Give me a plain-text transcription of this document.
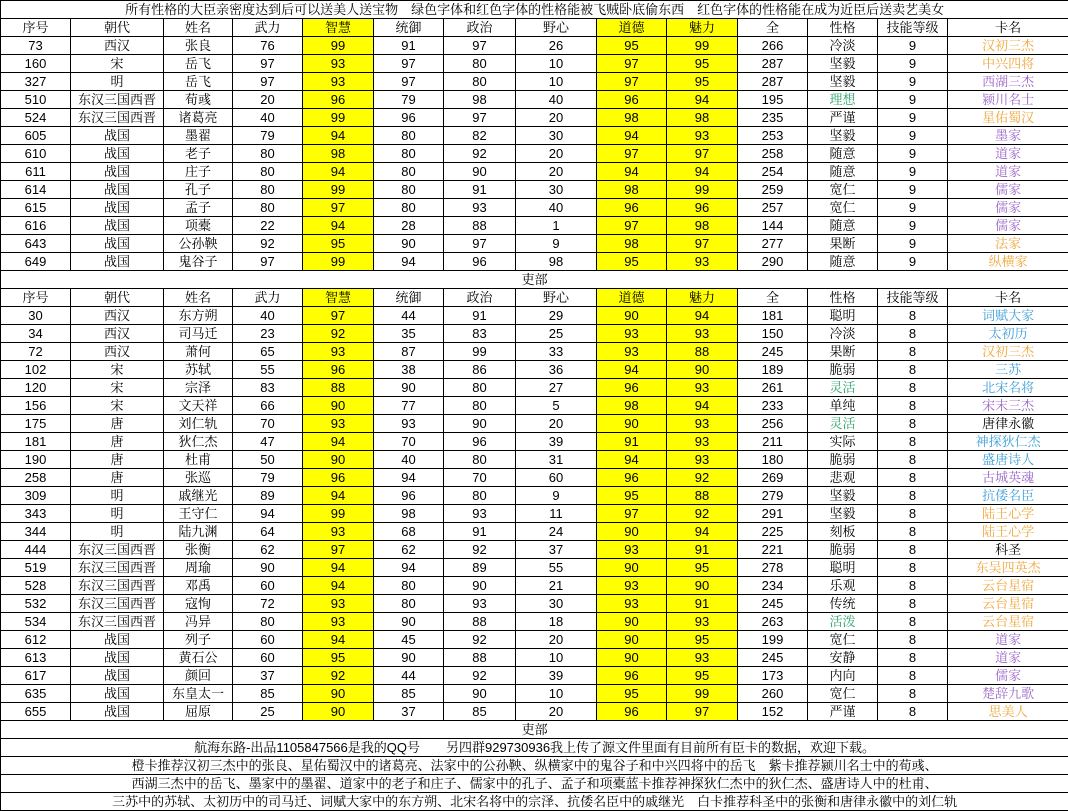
所有性格的大臣亲密度达到后可以送美人送宝物　绿色字体和红色字体的性格能被飞贼卧底偷东西　红色字体的性格能在成为近臣后送卖艺美女													
序号	朝代	姓名	武力	智慧	统御	政治	野心	道德	魅力	全	性格	技能等级	卡名
73	西汉	张良	76	99	91	97	26	95	99	266	冷淡	9	汉初三杰
160	宋	岳飞	97	93	97	80	10	97	95	287	坚毅	9	中兴四将
327	明	岳飞	97	93	97	80	10	97	95	287	坚毅	9	西湖三杰
510	东汉三国西晋	荀彧	20	96	79	98	40	96	94	195	理想	9	颍川名士
524	东汉三国西晋	诸葛亮	40	99	96	97	20	98	98	235	严谨	9	星佑蜀汉
605	战国	墨翟	79	94	80	82	30	94	93	253	坚毅	9	墨家
610	战国	老子	80	98	80	92	20	97	97	258	随意	9	道家
611	战国	庄子	80	94	80	90	20	94	94	254	随意	9	道家
614	战国	孔子	80	99	80	91	30	98	99	259	宽仁	9	儒家
615	战国	孟子	80	97	80	93	40	96	96	257	宽仁	9	儒家
616	战国	项橐	22	94	28	88	1	97	98	144	随意	9	儒家
643	战国	公孙鞅	92	95	90	97	9	98	97	277	果断	9	法家
649	战国	鬼谷子	97	99	94	96	98	95	93	290	随意	9	纵横家
吏部													
序号	朝代	姓名	武力	智慧	统御	政治	野心	道德	魅力	全	性格	技能等级	卡名
30	西汉	东方朔	40	97	44	91	29	90	94	181	聪明	8	词赋大家
34	西汉	司马迁	23	92	35	83	25	93	93	150	冷淡	8	太初历
72	西汉	萧何	65	93	87	99	33	93	88	245	果断	8	汉初三杰
102	宋	苏轼	55	96	38	86	36	94	90	189	脆弱	8	三苏
120	宋	宗泽	83	88	90	80	27	96	93	261	灵活	8	北宋名将
156	宋	文天祥	66	90	77	80	5	98	94	233	单纯	8	宋末三杰
175	唐	刘仁轨	70	93	93	90	20	90	93	256	灵活	8	唐律永徽
181	唐	狄仁杰	47	94	70	96	39	91	93	211	实际	8	神探狄仁杰
190	唐	杜甫	50	90	40	80	31	94	93	180	脆弱	8	盛唐诗人
258	唐	张巡	79	96	94	70	60	96	92	269	悲观	8	古城英魂
309	明	戚继光	89	94	96	80	9	95	88	279	坚毅	8	抗倭名臣
343	明	王守仁	94	99	98	93	11	97	92	291	坚毅	8	陆王心学
344	明	陆九渊	64	93	68	91	24	90	94	225	刻板	8	陆王心学
444	东汉三国西晋	张衡	62	97	62	92	37	93	91	221	脆弱	8	科圣
519	东汉三国西晋	周瑜	90	94	94	89	55	90	95	278	聪明	8	东吴四英杰
528	东汉三国西晋	邓禹	60	94	80	90	21	93	90	234	乐观	8	云台星宿
532	东汉三国西晋	寇恂	72	93	80	93	30	93	91	245	传统	8	云台星宿
534	东汉三国西晋	冯异	80	93	90	88	18	90	93	263	活泼	8	云台星宿
612	战国	列子	60	94	45	92	20	90	95	199	宽仁	8	道家
613	战国	黄石公	60	95	90	88	10	90	93	245	安静	8	道家
617	战国	颜回	37	92	44	92	39	96	95	173	内向	8	儒家
635	战国	东皇太一	85	90	85	90	10	95	99	260	宽仁	8	楚辞九歌
655	战国	屈原	25	90	37	85	20	96	97	152	严谨	8	思美人
吏部													
航海东路-出品1105847566是我的QQ号　　另四群929730936我上传了源文件里面有目前所有臣卡的数据，欢迎下载。													
橙卡推荐汉初三杰中的张良、星佑蜀汉中的诸葛亮、法家中的公孙鞅、纵横家中的鬼谷子和中兴四将中的岳飞　紫卡推荐颍川名士中的荀彧、													
西湖三杰中的岳飞、墨家中的墨翟、道家中的老子和庄子、儒家中的孔子、孟子和项橐蓝卡推荐神探狄仁杰中的狄仁杰、盛唐诗人中的杜甫、													
三苏中的苏轼、太初历中的司马迁、词赋大家中的东方朔、北宋名将中的宗泽、抗倭名臣中的戚继光　白卡推荐科圣中的张衡和唐律永徽中的刘仁轨													
